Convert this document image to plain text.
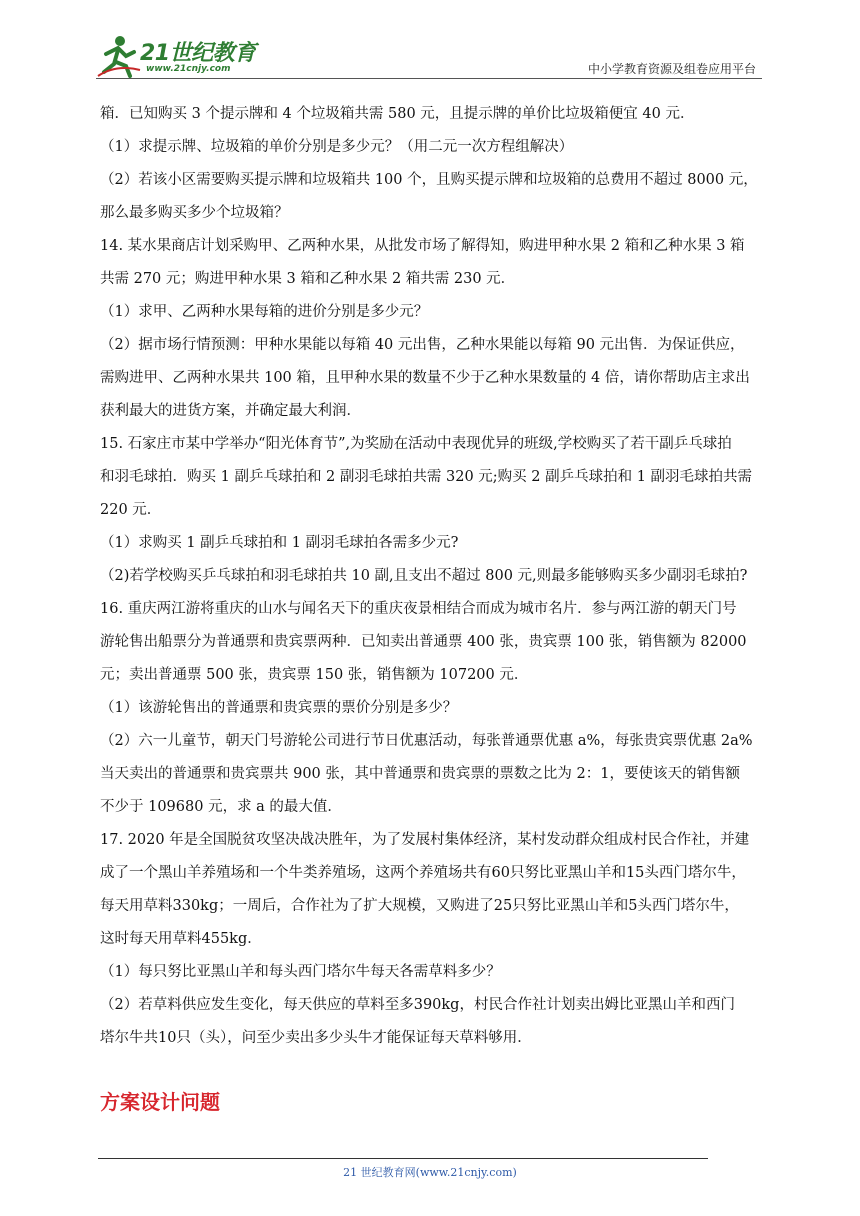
21世纪教育
www.21cnjy.com	中小学教育资源及组卷应用平台

箱．已知购买 3 个提示牌和 4 个垃圾箱共需 580 元，且提示牌的单价比垃圾箱便宜 40 元．
（1）求提示牌、垃圾箱的单价分别是多少元？（用二元一次方程组解决）
（2）若该小区需要购买提示牌和垃圾箱共 100 个，且购买提示牌和垃圾箱的总费用不超过 8000 元，
那么最多购买多少个垃圾箱？
14. 某水果商店计划采购甲、乙两种水果，从批发市场了解得知，购进甲种水果 2 箱和乙种水果 3 箱
共需 270 元；购进甲种水果 3 箱和乙种水果 2 箱共需 230 元．
（1）求甲、乙两种水果每箱的进价分别是多少元？
（2）据市场行情预测：甲种水果能以每箱 40 元出售，乙种水果能以每箱 90 元出售．为保证供应，
需购进甲、乙两种水果共 100 箱，且甲种水果的数量不少于乙种水果数量的 4 倍，请你帮助店主求出
获利最大的进货方案，并确定最大利润．
15. 石家庄市某中学举办“阳光体育节”,为奖励在活动中表现优异的班级,学校购买了若干副乒乓球拍
和羽毛球拍．购买 1 副乒乓球拍和 2 副羽毛球拍共需 320 元;购买 2 副乒乓球拍和 1 副羽毛球拍共需
220 元．
（1）求购买 1 副乒乓球拍和 1 副羽毛球拍各需多少元?
（2)若学校购买乒乓球拍和羽毛球拍共 10 副,且支出不超过 800 元,则最多能够购买多少副羽毛球拍?
16. 重庆两江游将重庆的山水与闻名天下的重庆夜景相结合而成为城市名片．参与两江游的朝天门号
游轮售出船票分为普通票和贵宾票两种．已知卖出普通票 400 张，贵宾票 100 张，销售额为 82000
元；卖出普通票 500 张，贵宾票 150 张，销售额为 107200 元．
（1）该游轮售出的普通票和贵宾票的票价分别是多少？
（2）六一儿童节，朝天门号游轮公司进行节日优惠活动，每张普通票优惠 a%，每张贵宾票优惠 2a%
当天卖出的普通票和贵宾票共 900 张，其中普通票和贵宾票的票数之比为 2：1，要使该天的销售额
不少于 109680 元，求 a 的最大值．
17. 2020 年是全国脱贫攻坚决战决胜年，为了发展村集体经济，某村发动群众组成村民合作社，并建
成了一个黑山羊养殖场和一个牛类养殖场，这两个养殖场共有60只努比亚黑山羊和15头西门塔尔牛，
每天用草料330kg；一周后，合作社为了扩大规模，又购进了25只努比亚黑山羊和5头西门塔尔牛，
这时每天用草料455kg．
（1）每只努比亚黑山羊和每头西门塔尔牛每天各需草料多少？
（2）若草料供应发生变化，每天供应的草料至多390kg，村民合作社计划卖出姆比亚黑山羊和西门
塔尔牛共10只（头），问至少卖出多少头牛才能保证每天草料够用．

方案设计问题
21 世纪教育网(www.21cnjy.com)
